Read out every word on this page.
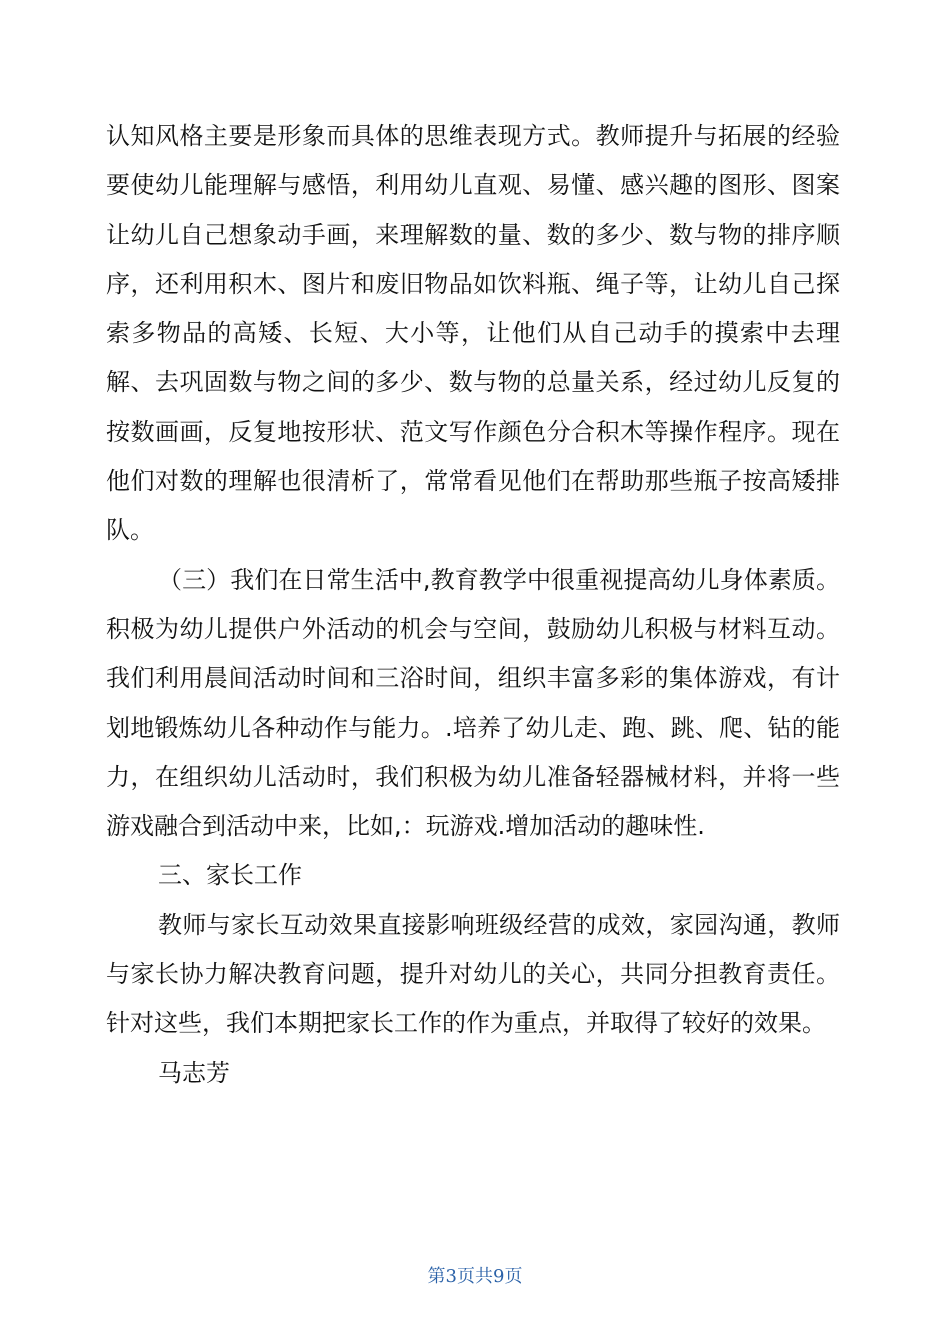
认知风格主要是形象而具体的思维表现方式。教师提升与拓展的经验要使幼儿能理解与感悟，利用幼儿直观、易懂、感兴趣的图形、图案让幼儿自己想象动手画，来理解数的量、数的多少、数与物的排序顺序，还利用积木、图片和废旧物品如饮料瓶、绳子等，让幼儿自己探索多物品的高矮、长短、大小等，让他们从自己动手的摸索中去理解、去巩固数与物之间的多少、数与物的总量关系，经过幼儿反复的按数画画，反复地按形状、范文写作颜色分合积木等操作程序。现在他们对数的理解也很清析了，常常看见他们在帮助那些瓶子按高矮排队。

（三）我们在日常生活中,教育教学中很重视提高幼儿身体素质。积极为幼儿提供户外活动的机会与空间，鼓励幼儿积极与材料互动。我们利用晨间活动时间和三浴时间，组织丰富多彩的集体游戏，有计划地锻炼幼儿各种动作与能力。.培养了幼儿走、跑、跳、爬、钻的能力，在组织幼儿活动时，我们积极为幼儿准备轻器械材料，并将一些游戏融合到活动中来，比如,：玩游戏.增加活动的趣味性.

三、家长工作

教师与家长互动效果直接影响班级经营的成效，家园沟通，教师与家长协力解决教育问题，提升对幼儿的关心，共同分担教育责任。针对这些，我们本期把家长工作的作为重点，并取得了较好的效果。

马志芳

第3页共9页
